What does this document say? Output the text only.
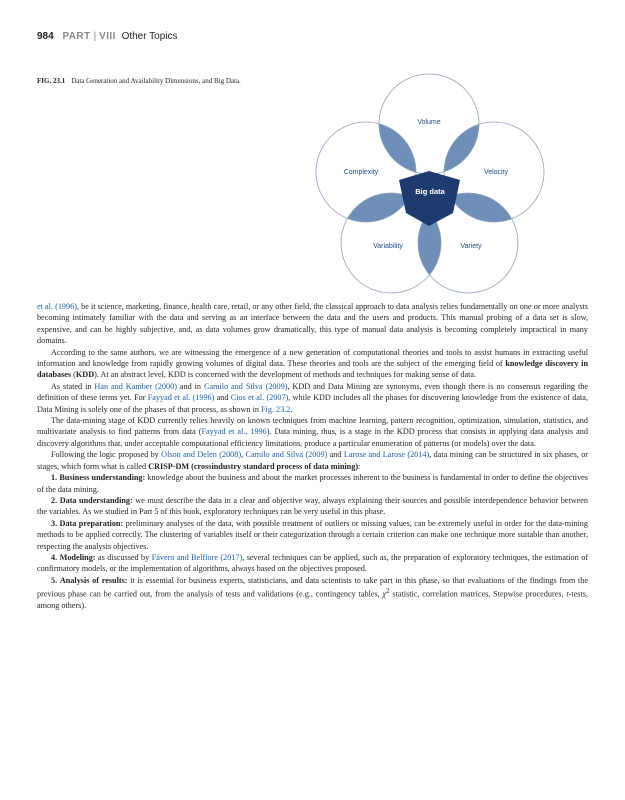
984 PART | VIII Other Topics
FIG. 23.1 Data Generation and Availability Dimensions, and Big Data.
Volume
Complexity	Velocity
Variability	Variety
Big data

et al. (1996), be it science, marketing, finance, health care, retail, or any other field, the classical approach to data analysis relies fundamentally on one or more analysts becoming intimately familiar with the data and serving as an interface between the data and the users and products. This manual probing of a data set is slow, expensive, and can be highly subjective, and, as data volumes grow dramatically, this type of manual data analysis is becoming completely impractical in many domains.

According to the same authors, we are witnessing the emergence of a new generation of computational theories and tools to assist humans in extracting useful information and knowledge from rapidly growing volumes of digital data. These theories and tools are the subject of the emerging field of knowledge discovery in databases (KDD). At an abstract level, KDD is concerned with the development of methods and techniques for making sense of data.

As stated in Han and Kamber (2000) and in Camilo and Silva (2009), KDD and Data Mining are synonyms, even though there is no consensus regarding the definition of these terms yet. For Fayyad et al. (1996) and Cios et al. (2007), while KDD includes all the phases for discovering knowledge from the existence of data, Data Mining is solely one of the phases of that process, as shown in Fig. 23.2.

The data-mining stage of KDD currently relies heavily on known techniques from machine learning, pattern recognition, optimization, simulation, statistics, and multivariate analysis to find patterns from data (Fayyad et al., 1996). Data mining, thus, is a stage in the KDD process that consists in applying data analysis and discovery algorithms that, under acceptable computational efficiency limitations, produce a particular enumeration of patterns (or models) over the data.

Following the logic proposed by Olson and Delen (2008), Camilo and Silva (2009) and Larose and Larose (2014), data mining can be structured in six phases, or stages, which form what is called CRISP-DM (crossindustry standard process of data mining):

1. Business understanding: knowledge about the business and about the market processes inherent to the business is fundamental in order to define the objectives of the data mining.

2. Data understanding: we must describe the data in a clear and objective way, always explaining their sources and possible interdependence behavior between the variables. As we studied in Part 5 of this book, exploratory techniques can be very useful in this phase.

3. Data preparation: preliminary analyses of the data, with possible treatment of outliers or missing values, can be extremely useful in order for the data-mining methods to be applied correctly. The clustering of variables itself or their categorization through a certain criterion can make one technique more suitable than another, respecting the analysis objectives.

4. Modeling: as discussed by Fávero and Belfiore (2017), several techniques can be applied, such as, the preparation of exploratory techniques, the estimation of confirmatory models, or the implementation of algorithms, always based on the objectives proposed.

5. Analysis of results: it is essential for business experts, statisticians, and data scientists to take part in this phase, so that evaluations of the findings from the previous phase can be carried out, from the analysis of tests and validations (e.g., contingency tables, $\chi^2$ statistic, correlation matrices, Stepwise procedures, t-tests, among others).
